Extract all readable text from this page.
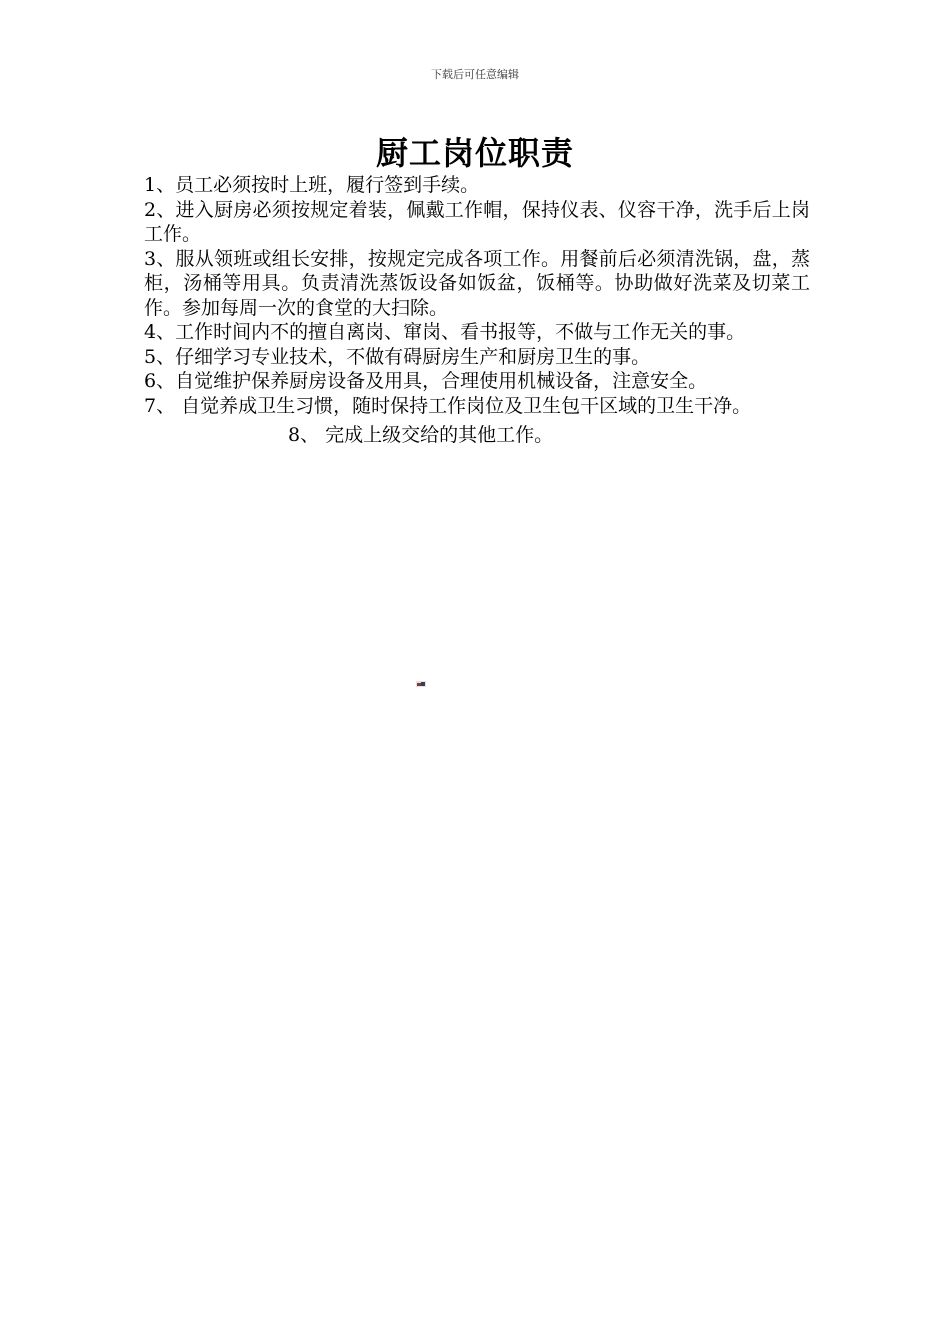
下载后可任意编辑
厨工岗位职责

1、员工必须按时上班，履行签到手续。

2、进入厨房必须按规定着装，佩戴工作帽，保持仪表、仪容干净，洗手后上岗工作。

3、服从领班或组长安排，按规定完成各项工作。用餐前后必须清洗锅，盘，蒸柜，汤桶等用具。负责清洗蒸饭设备如饭盆，饭桶等。协助做好洗菜及切菜工作。参加每周一次的食堂的大扫除。

4、工作时间内不的擅自离岗、窜岗、看书报等，不做与工作无关的事。

5、仔细学习专业技术，不做有碍厨房生产和厨房卫生的事。

6、自觉维护保养厨房设备及用具，合理使用机械设备，注意安全。

7、 自觉养成卫生习惯，随时保持工作岗位及卫生包干区域的卫生干净。

8、 完成上级交给的其他工作。
